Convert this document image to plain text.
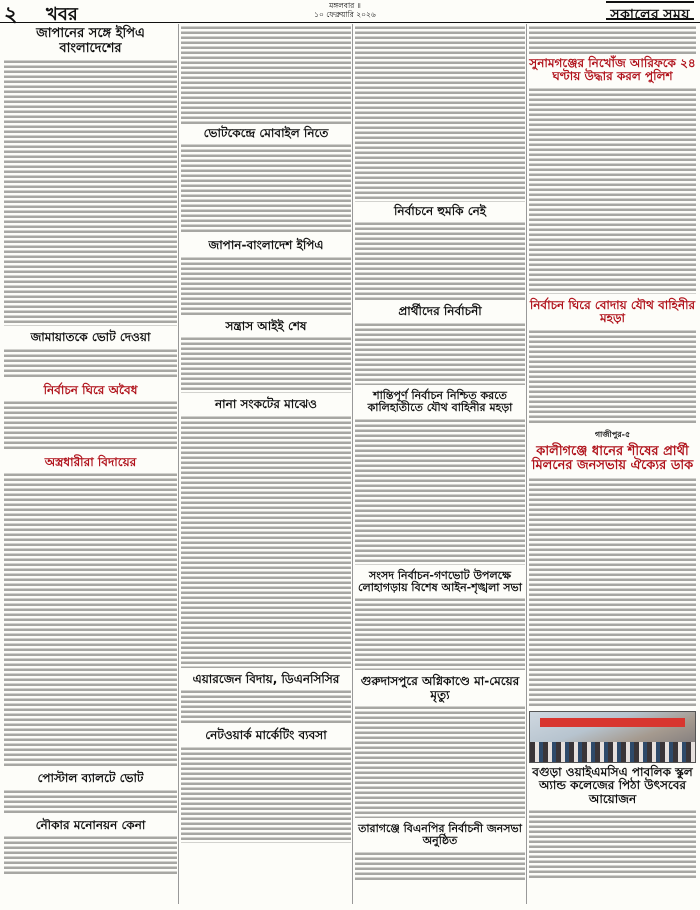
২ খবর	মঙ্গলবার ॥
১০ ফেব্রুয়ারি ২০২৬	সকালের সময়
জাপানের সঙ্গে ইপিএ বাংলাদেশের
জামায়াতকে ভোট দেওয়া
নির্বাচন ঘিরে অবৈধ
অস্ত্রধারীরা বিদায়ের
পোস্টাল ব্যালটে ভোট
নৌকার মনোনয়ন কেনা
ভোটকেন্দ্রে মোবাইল নিতে
জাপান-বাংলাদেশ ইপিএ
সন্ত্রাস আইই শেষ
নানা সংকটের মাঝেও
এয়ারজেন বিদায়, ডিএনসিসির
নেটওয়ার্ক মার্কেটিং ব্যবসা
নির্বাচনে হুমকি নেই
প্রার্থীদের নির্বাচনী
শান্তিপূর্ণ নির্বাচন নিশ্চিত করতে কালিহাতীতে যৌথ বাহিনীর মহড়া
সংসদ নির্বাচন-গণভোট উপলক্ষে লোহাগড়ায় বিশেষ আইন-শৃঙ্খলা সভা
গুরুদাসপুরে অগ্নিকাণ্ডে মা-মেয়ের মৃত্যু
তারাগঞ্জে বিএনপির নির্বাচনী জনসভা অনুষ্ঠিত
সুনামগঞ্জের নিখোঁজ আরিফকে ২৪ ঘণ্টায় উদ্ধার করল পুলিশ
নির্বাচন ঘিরে বোদায় যৌথ বাহিনীর মহড়া
গাজীপুর-৫
কালীগঞ্জে ধানের শীষের প্রার্থী মিলনের জনসভায় ঐক্যের ডাক
বগুড়া ওয়াইএমসিএ পাবলিক স্কুল অ্যান্ড কলেজের পিঠা উৎসবের আয়োজন
